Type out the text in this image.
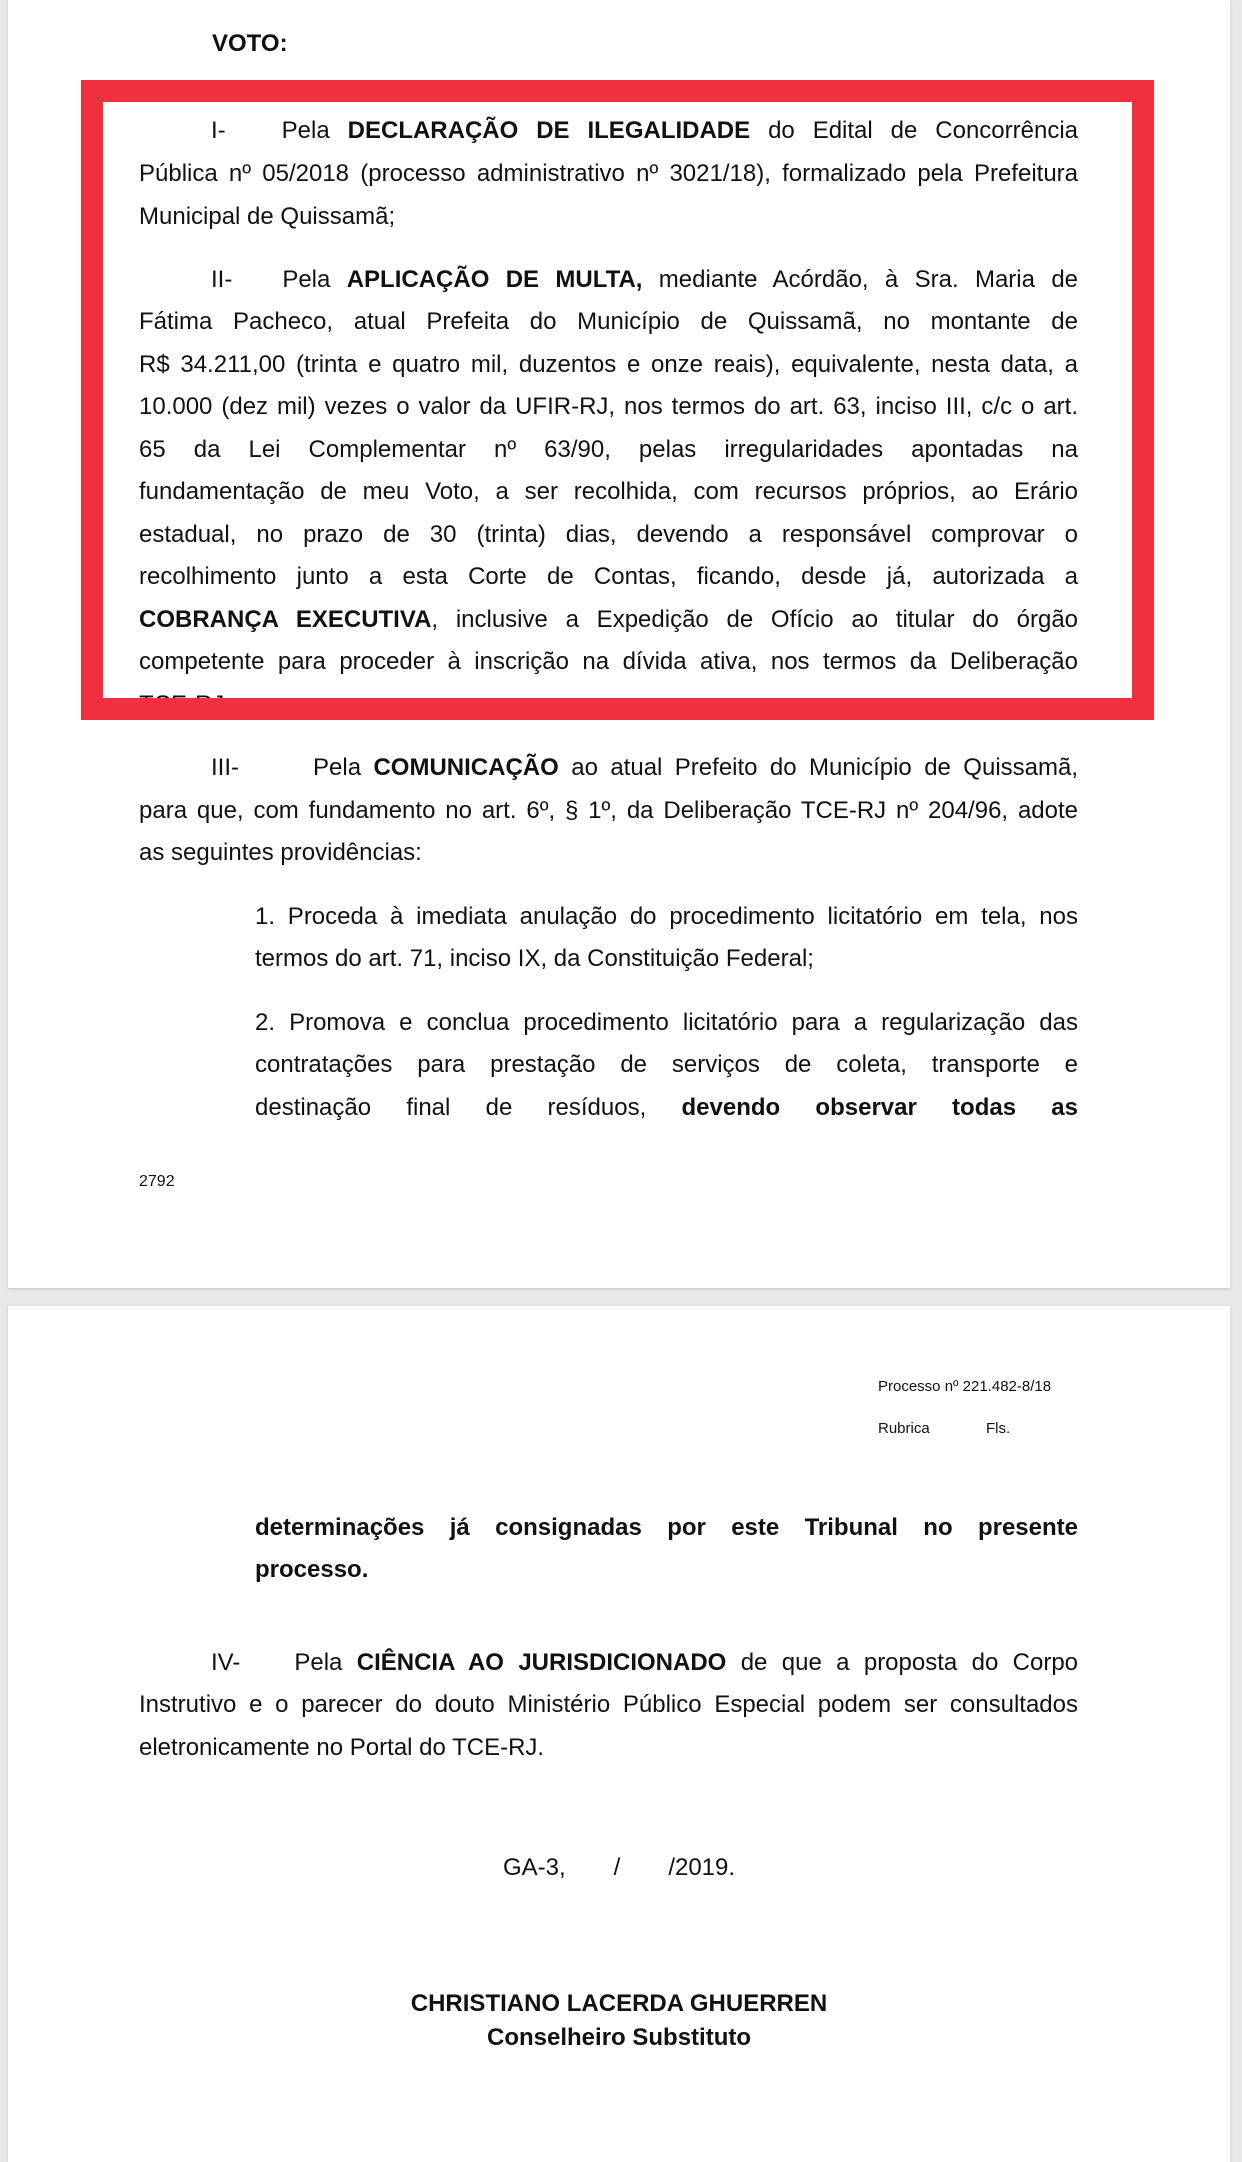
VOTO:

I- Pela DECLARAÇÃO DE ILEGALIDADE do Edital de Concorrência

Pública nº 05/2018 (processo administrativo nº 3021/18), formalizado pela Prefeitura

Municipal de Quissamã;

II- Pela APLICAÇÃO DE MULTA, mediante Acórdão, à Sra. Maria de

Fátima Pacheco, atual Prefeita do Município de Quissamã, no montante de

R$ 34.211,00 (trinta e quatro mil, duzentos e onze reais), equivalente, nesta data, a

10.000 (dez mil) vezes o valor da UFIR-RJ, nos termos do art. 63, inciso III, c/c o art.

65 da Lei Complementar nº 63/90, pelas irregularidades apontadas na

fundamentação de meu Voto, a ser recolhida, com recursos próprios, ao Erário

estadual, no prazo de 30 (trinta) dias, devendo a responsável comprovar o

recolhimento junto a esta Corte de Contas, ficando, desde já, autorizada a

COBRANÇA EXECUTIVA, inclusive a Expedição de Ofício ao titular do órgão

competente para proceder à inscrição na dívida ativa, nos termos da Deliberação

TCE-RJ ;

III-	Pela COMUNICAÇÃO ao atual Prefeito do Município de Quissamã,

para que, com fundamento no art. 6º, § 1º, da Deliberação TCE-RJ nº 204/96, adote

as seguintes providências:

1. Proceda à imediata anulação do procedimento licitatório em tela, nos

termos do art. 71, inciso IX, da Constituição Federal;

2. Promova e conclua procedimento licitatório para a regularização das

contratações para prestação de serviços de coleta, transporte e

destinação final de resíduos, devendo observar todas as

2792
Processo nº 221.482-8/18
Rubrica	Fls.

determinações já consignadas por este Tribunal no presente

processo.

IV- Pela CIÊNCIA AO JURISDICIONADO de que a proposta do Corpo

Instrutivo e o parecer do douto Ministério Público Especial podem ser consultados

eletronicamente no Portal do TCE-RJ.

GA-3, / /2019.
CHRISTIANO LACERDA GHUERREN
Conselheiro Substituto
